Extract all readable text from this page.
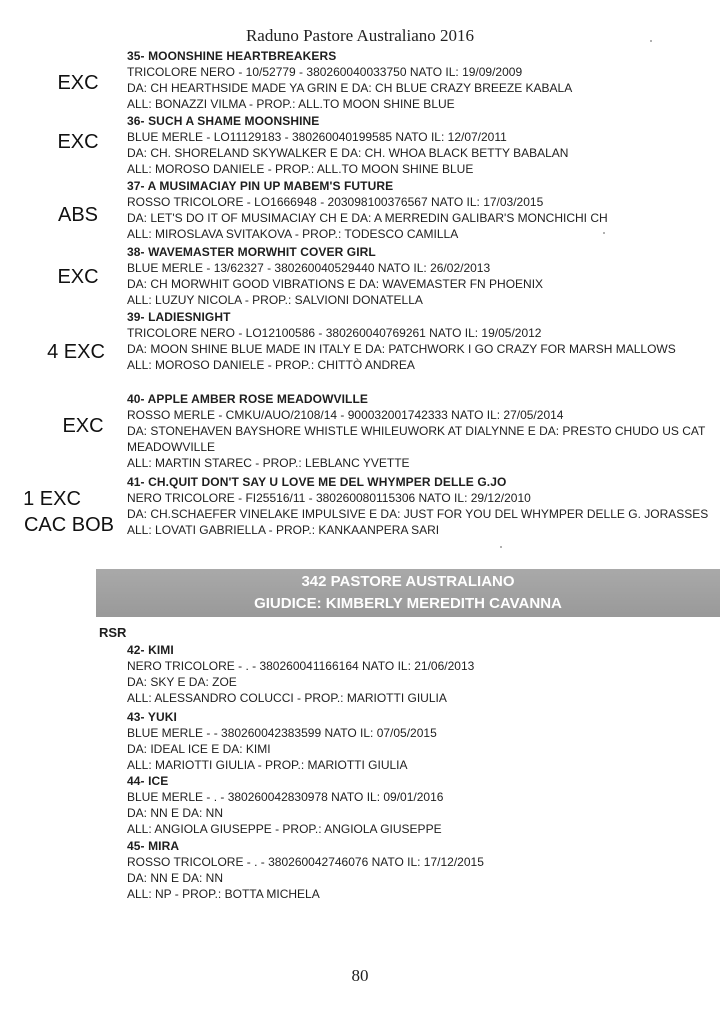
Raduno Pastore Australiano 2016
35- MOONSHINE HEARTBREAKERS
TRICOLORE NERO - 10/52779 - 380260040033750 NATO IL: 19/09/2009
DA: CH HEARTHSIDE MADE YA GRIN E DA: CH BLUE CRAZY BREEZE KABALA
ALL: BONAZZI VILMA - PROP.: ALL.TO MOON SHINE BLUE
36- SUCH A SHAME MOONSHINE
BLUE MERLE - LO11129183 - 380260040199585 NATO IL: 12/07/2011
DA: CH. SHORELAND SKYWALKER E DA: CH. WHOA BLACK BETTY BABALAN
ALL: MOROSO DANIELE - PROP.: ALL.TO MOON SHINE BLUE
37- A MUSIMACIAY PIN UP MABEM'S FUTURE
ROSSO TRICOLORE - LO1666948 - 203098100376567 NATO IL: 17/03/2015
DA: LET'S DO IT OF MUSIMACIAY CH E DA: A MERREDIN GALIBAR'S MONCHICHI CH
ALL: MIROSLAVA SVITAKOVA - PROP.: TODESCO CAMILLA
38- WAVEMASTER MORWHIT COVER GIRL
BLUE MERLE - 13/62327 - 380260040529440 NATO IL: 26/02/2013
DA: CH MORWHIT GOOD VIBRATIONS E DA: WAVEMASTER FN PHOENIX
ALL: LUZUY NICOLA - PROP.: SALVIONI DONATELLA
39- LADIESNIGHT
TRICOLORE NERO - LO12100586 - 380260040769261 NATO IL: 19/05/2012
DA: MOON SHINE BLUE MADE IN ITALY E DA: PATCHWORK I GO CRAZY FOR MARSH MALLOWS
ALL: MOROSO DANIELE - PROP.: CHITTÒ ANDREA
40- APPLE AMBER ROSE MEADOWVILLE
ROSSO MERLE - CMKU/AUO/2108/14 - 900032001742333 NATO IL: 27/05/2014
DA: STONEHAVEN BAYSHORE WHISTLE WHILEUWORK AT DIALYNNE E DA: PRESTO CHUDO US CAT MEADOWVILLE
ALL: MARTIN STAREC - PROP.: LEBLANC YVETTE
41- CH.QUIT DON'T SAY U LOVE ME DEL WHYMPER DELLE G.JO
NERO TRICOLORE - FI25516/11 - 380260080115306 NATO IL: 29/12/2010
DA: CH.SCHAEFER VINELAKE IMPULSIVE E DA: JUST FOR YOU DEL WHYMPER DELLE G. JORASSES
ALL: LOVATI GABRIELLA - PROP.: KANKAANPERA SARI
EXC
EXC
ABS
EXC
4 EXC
EXC
1 EXC
CAC BOB
342 PASTORE AUSTRALIANO
GIUDICE: KIMBERLY MEREDITH CAVANNA
RSR
42- KIMI
NERO TRICOLORE - . - 380260041166164 NATO IL: 21/06/2013
DA: SKY E DA: ZOE
ALL: ALESSANDRO COLUCCI - PROP.: MARIOTTI GIULIA
43- YUKI
BLUE MERLE - - 380260042383599 NATO IL: 07/05/2015
DA: IDEAL ICE E DA: KIMI
ALL: MARIOTTI GIULIA - PROP.: MARIOTTI GIULIA
44- ICE
BLUE MERLE - . - 380260042830978 NATO IL: 09/01/2016
DA: NN E DA: NN
ALL: ANGIOLA GIUSEPPE - PROP.: ANGIOLA GIUSEPPE
45- MIRA
ROSSO TRICOLORE - . - 380260042746076 NATO IL: 17/12/2015
DA: NN E DA: NN
ALL: NP - PROP.: BOTTA MICHELA
80
